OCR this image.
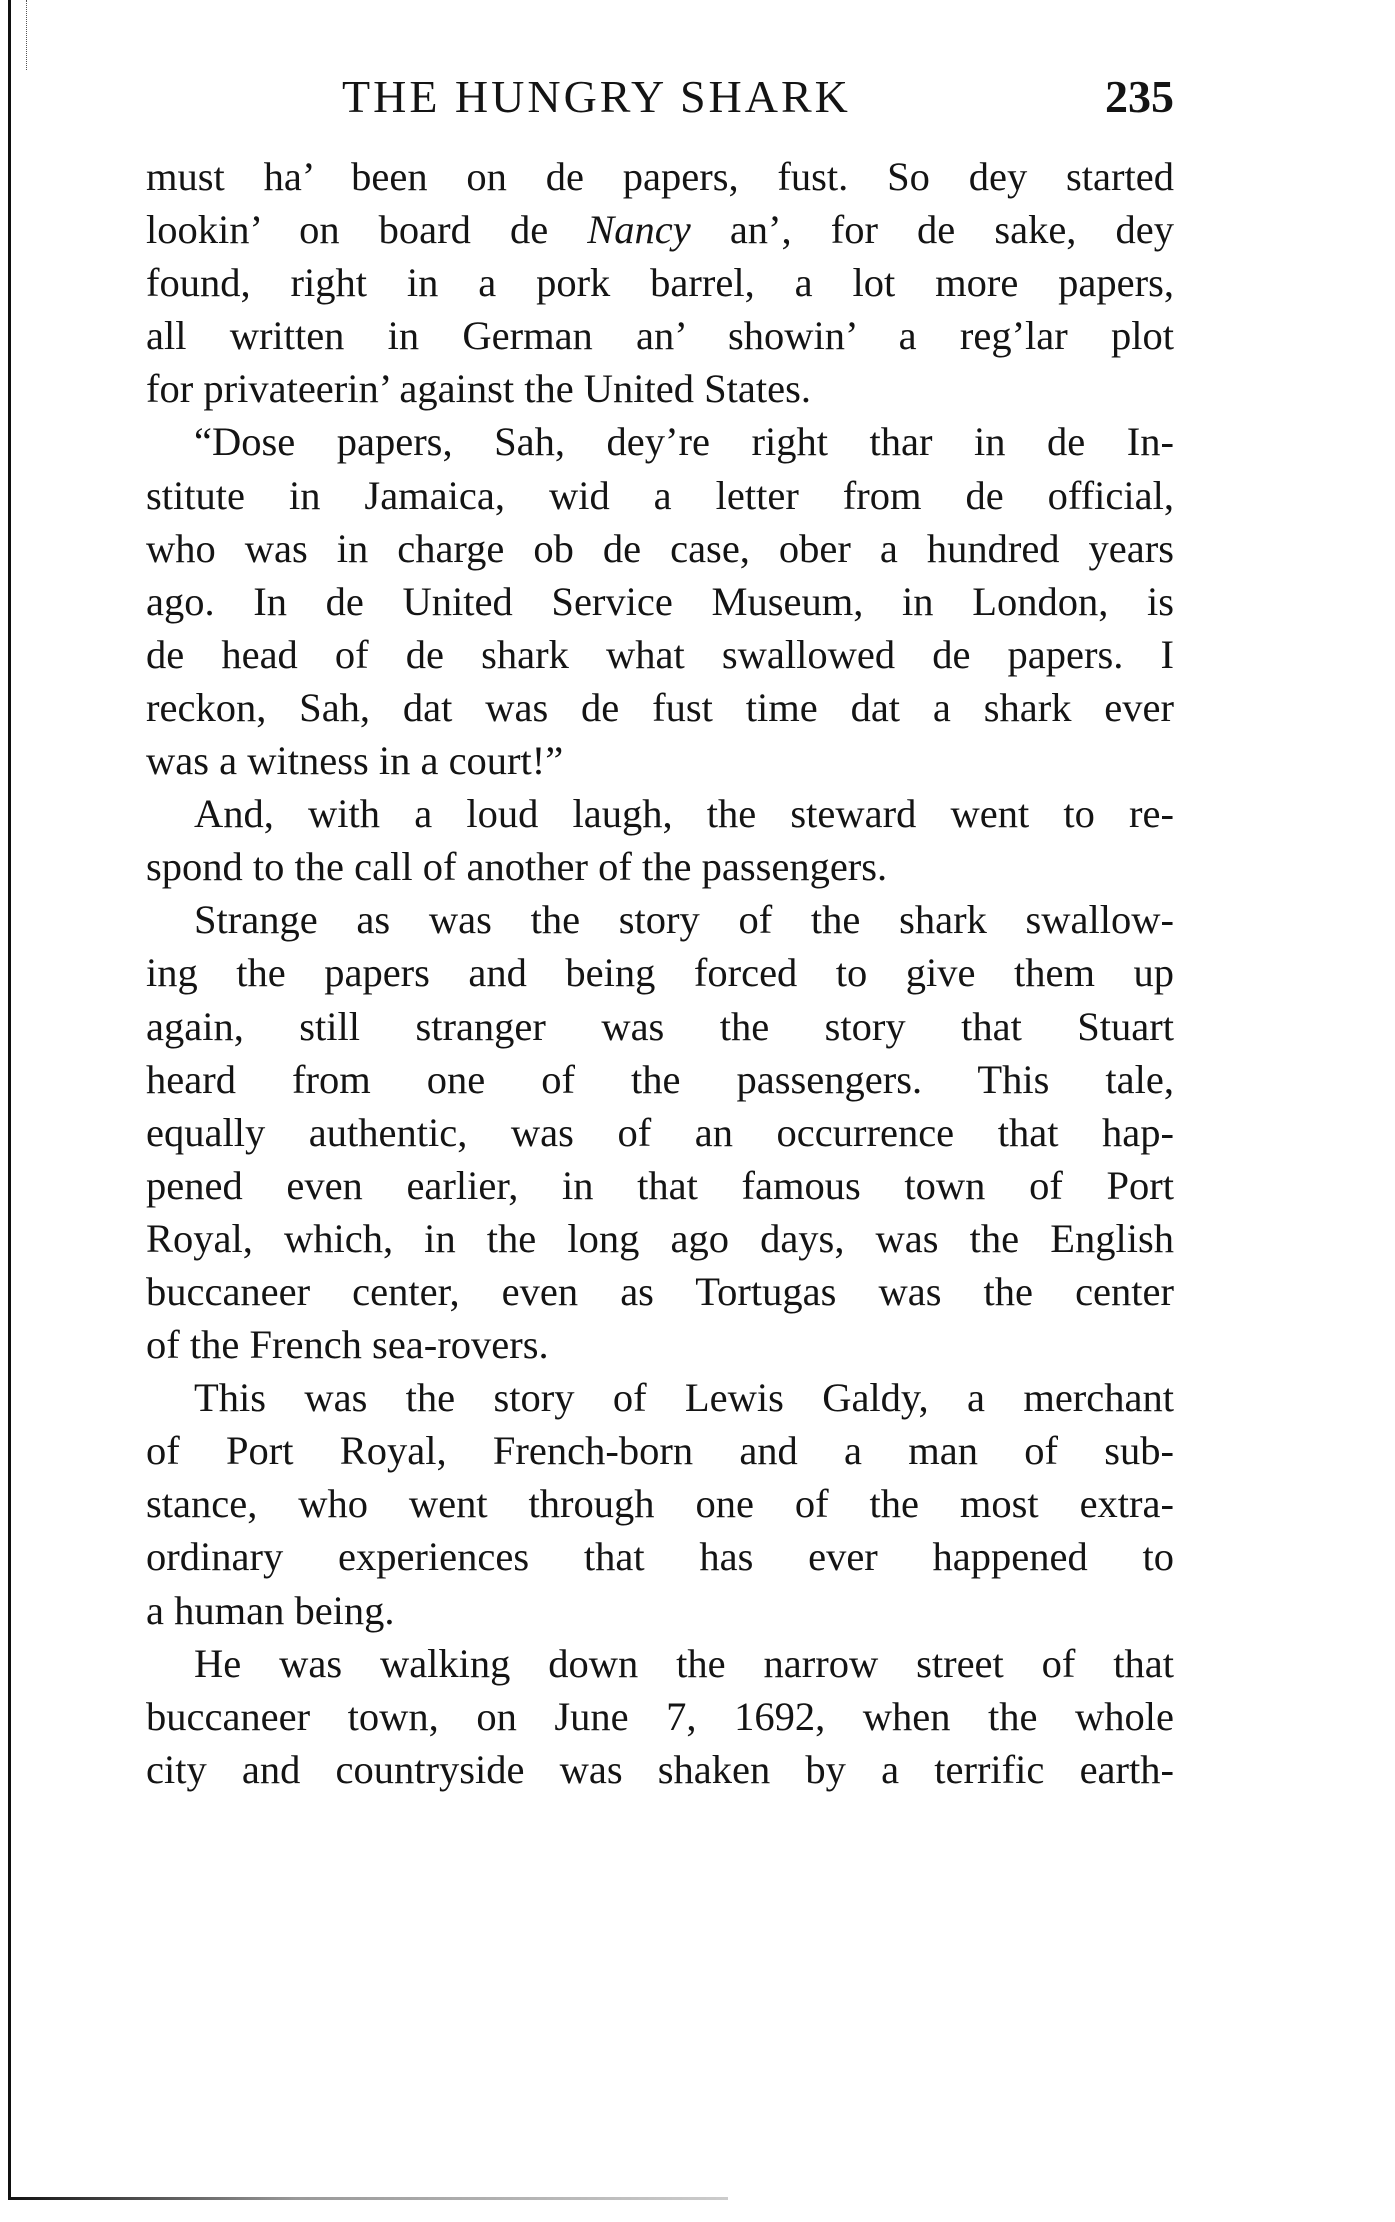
THE HUNGRY SHARK	235
must ha’ been on de papers, fust. So dey started
lookin’ on board de Nancy an’, for de sake, dey
found, right in a pork barrel, a lot more papers,
all written in German an’ showin’ a reg’lar plot
for privateerin’ against the United States.
“Dose papers, Sah, dey’re right thar in de In-
stitute in Jamaica, wid a letter from de official,
who was in charge ob de case, ober a hundred years
ago. In de United Service Museum, in London, is
de head of de shark what swallowed de papers. I
reckon, Sah, dat was de fust time dat a shark ever
was a witness in a court!”
And, with a loud laugh, the steward went to re-
spond to the call of another of the passengers.
Strange as was the story of the shark swallow-
ing the papers and being forced to give them up
again, still stranger was the story that Stuart
heard from one of the passengers. This tale,
equally authentic, was of an occurrence that hap-
pened even earlier, in that famous town of Port
Royal, which, in the long ago days, was the English
buccaneer center, even as Tortugas was the center
of the French sea-rovers.
This was the story of Lewis Galdy, a merchant
of Port Royal, French-born and a man of sub-
stance, who went through one of the most extra-
ordinary experiences that has ever happened to
a human being.
He was walking down the narrow street of that
buccaneer town, on June 7, 1692, when the whole
city and countryside was shaken by a terrific earth-
